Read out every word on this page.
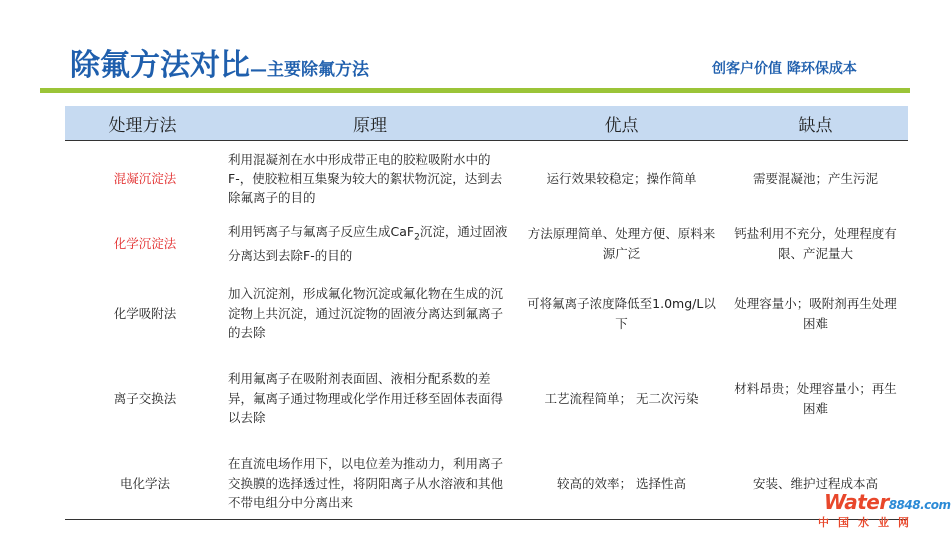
除氟方法对比—主要除氟方法	创客户价值 降环保成本
处理方法	原理	优点	缺点
混凝沉淀法	利用混凝剂在水中形成带正电的胶粒吸附水中的F-，使胶粒相互集聚为较大的絮状物沉淀，达到去除氟离子的目的	运行效果较稳定；操作简单	需要混凝池；产生污泥
化学沉淀法	利用钙离子与氟离子反应生成CaF$_2$沉淀，通过固液分离达到去除F-的目的	方法原理简单、处理方便、原料来源广泛	钙盐利用不充分，处理程度有限、产泥量大
化学吸附法	加入沉淀剂，形成氟化物沉淀或氟化物在生成的沉淀物上共沉淀，通过沉淀物的固液分离达到氟离子的去除	可将氟离子浓度降低至1.0mg/L以下	处理容量小；吸附剂再生处理困难
离子交换法	利用氟离子在吸附剂表面固、液相分配系数的差异，氟离子通过物理或化学作用迁移至固体表面得以去除	工艺流程简单； 无二次污染	材料昂贵；处理容量小；再生困难
电化学法	在直流电场作用下，以电位差为推动力，利用离子交换膜的选择透过性，将阴阳离子从水溶液和其他不带电组分中分离出来	较高的效率； 选择性高	安装、维护过程成本高
Water8848.com
中国水业网
